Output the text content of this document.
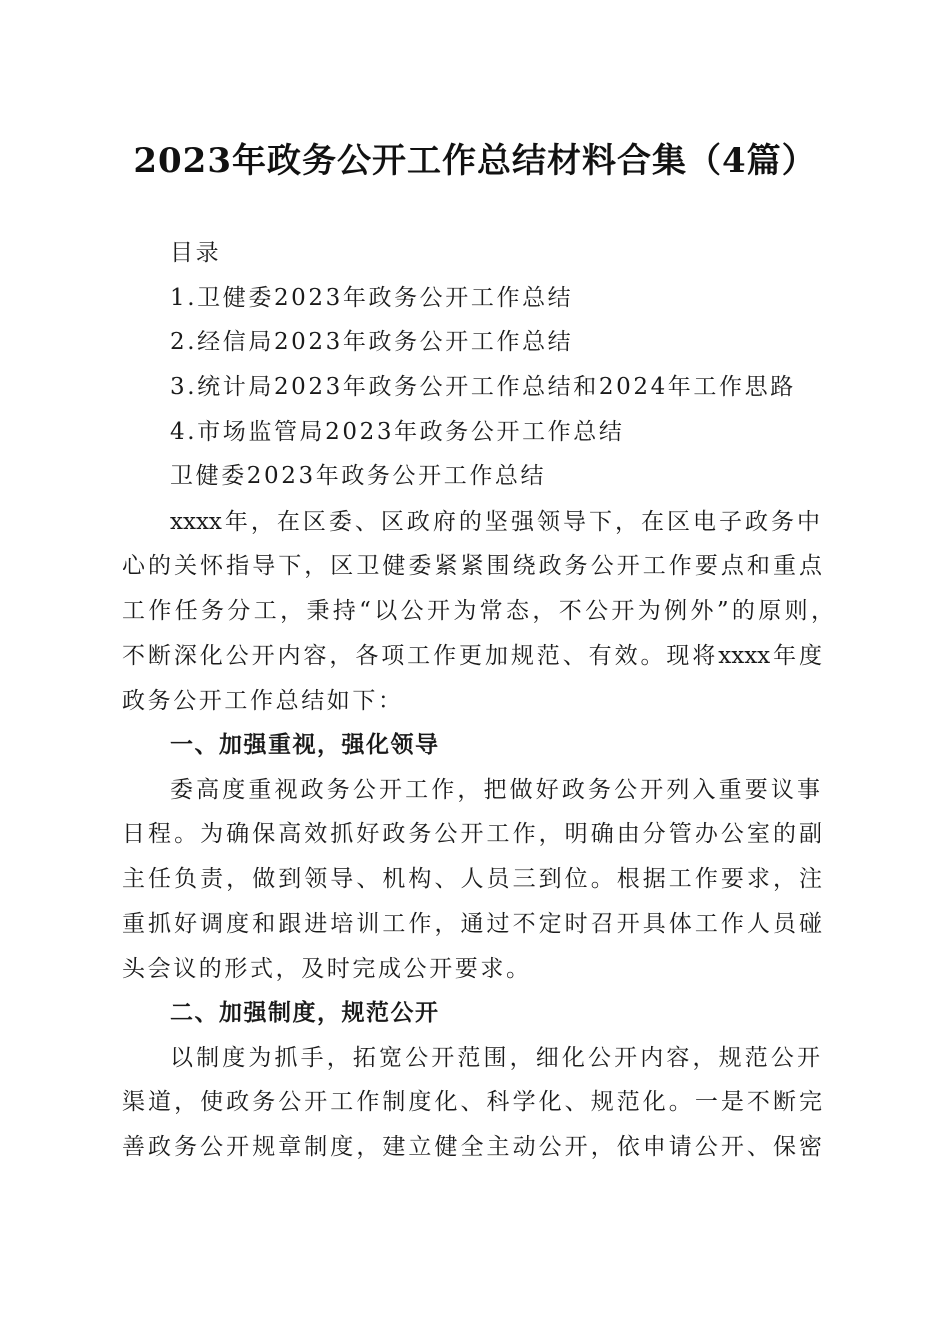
2023年政务公开工作总结材料合集（4篇）
目录
1.卫健委2023年政务公开工作总结
2.经信局2023年政务公开工作总结
3.统计局2023年政务公开工作总结和2024年工作思路
4.市场监管局2023年政务公开工作总结
卫健委2023年政务公开工作总结
xxxx年，在区委、区政府的坚强领导下，在区电子政务中
心的关怀指导下，区卫健委紧紧围绕政务公开工作要点和重点
工作任务分工，秉持“以公开为常态，不公开为例外”的原则，
不断深化公开内容，各项工作更加规范、有效。现将xxxx年度
政务公开工作总结如下：
一、加强重视，强化领导
委高度重视政务公开工作，把做好政务公开列入重要议事
日程。为确保高效抓好政务公开工作，明确由分管办公室的副
主任负责，做到领导、机构、人员三到位。根据工作要求，注
重抓好调度和跟进培训工作，通过不定时召开具体工作人员碰
头会议的形式，及时完成公开要求。
二、加强制度，规范公开
以制度为抓手，拓宽公开范围，细化公开内容，规范公开
渠道，使政务公开工作制度化、科学化、规范化。一是不断完
善政务公开规章制度，建立健全主动公开，依申请公开、保密
